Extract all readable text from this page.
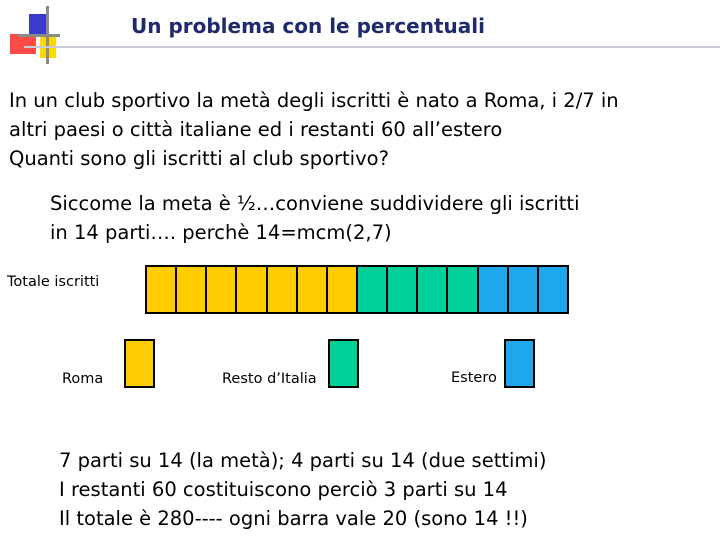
Un problema con le percentuali
In un club sportivo la metà degli iscritti è nato a Roma, i 2/7 in
altri paesi o città italiane ed i restanti 60 all’estero
Quanti sono gli iscritti al club sportivo?
Siccome la meta è ½…conviene suddividere gli iscritti
in 14 parti…. perchè 14=mcm(2,7)
Totale iscritti
Roma	Resto d’Italia	Estero
7 parti su 14 (la metà); 4 parti su 14 (due settimi)
I restanti 60 costituiscono perciò 3 parti su 14
Il totale è 280---- ogni barra vale 20 (sono 14 !!)
